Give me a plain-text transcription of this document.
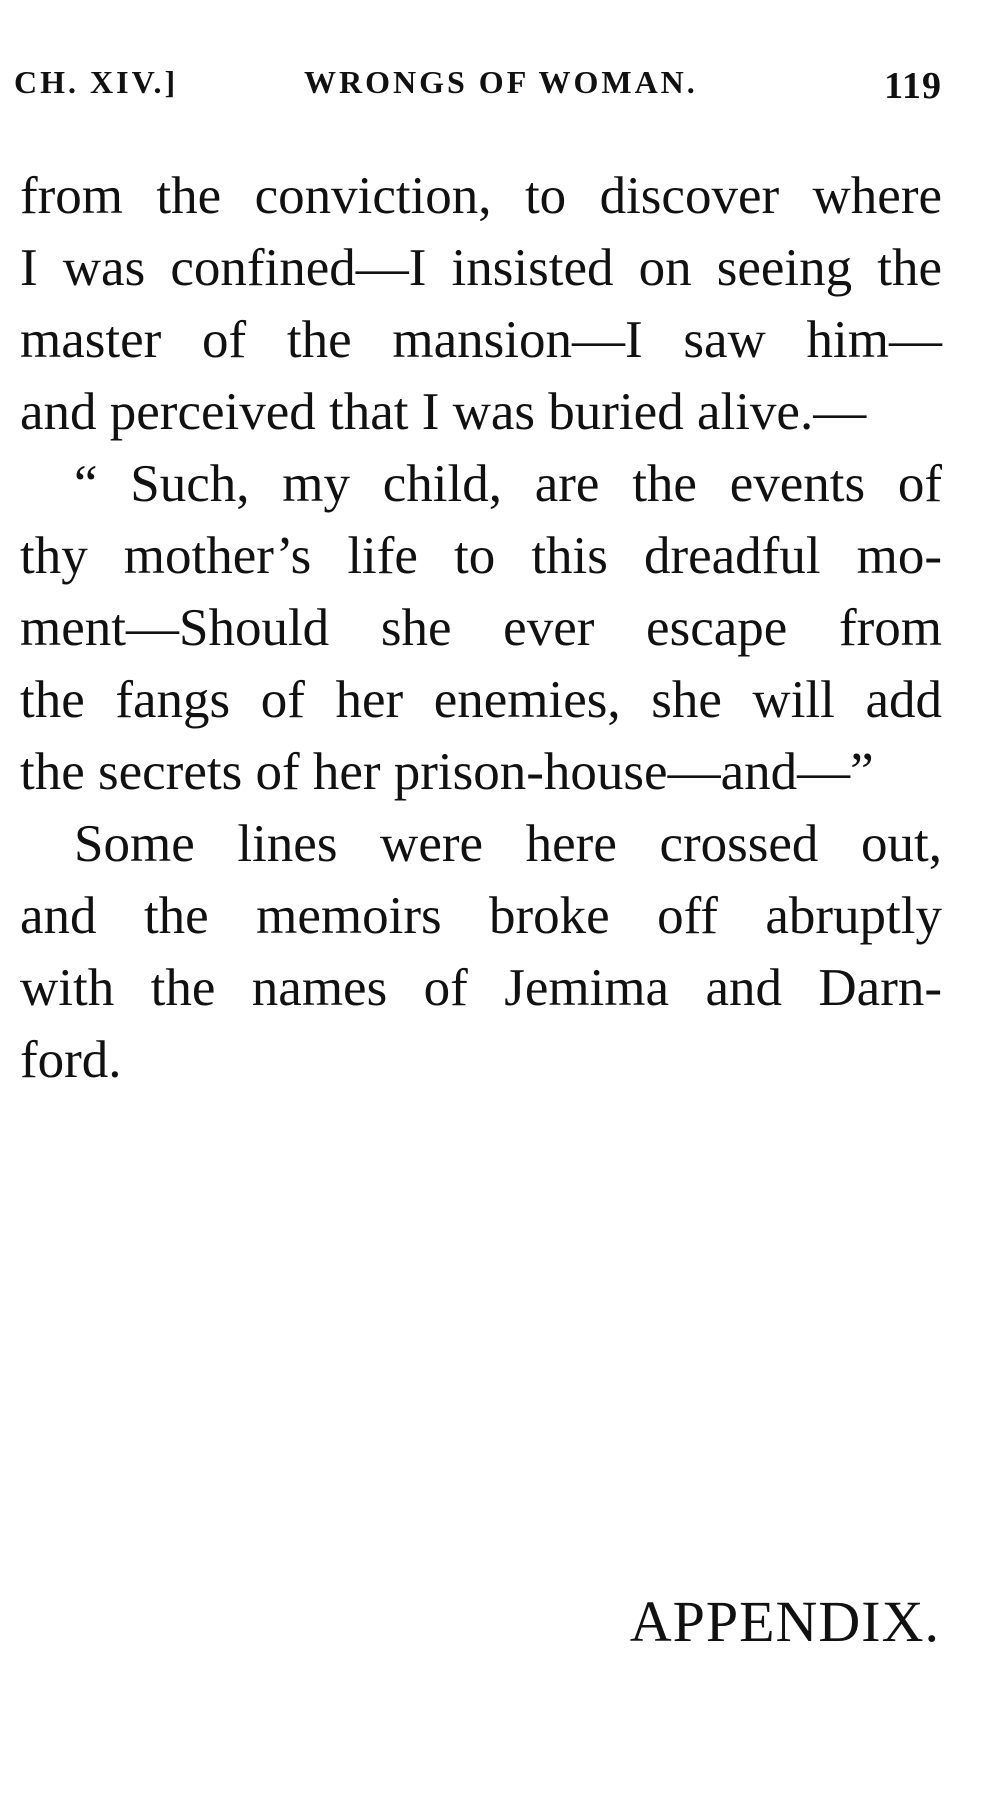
CH. XIV.]	WRONGS OF WOMAN.	119
from the conviction, to discover where
I was confined—I insisted on seeing the
master of the mansion—I saw him—
and perceived that I was buried alive.—
“ Such, my child, are the events of
thy mother’s life to this dreadful mo-
ment—Should she ever escape from
the fangs of her enemies, she will add
the secrets of her prison-house—and—”
Some lines were here crossed out,
and the memoirs broke off abruptly
with the names of Jemima and Darn-
ford.
APPENDIX.
